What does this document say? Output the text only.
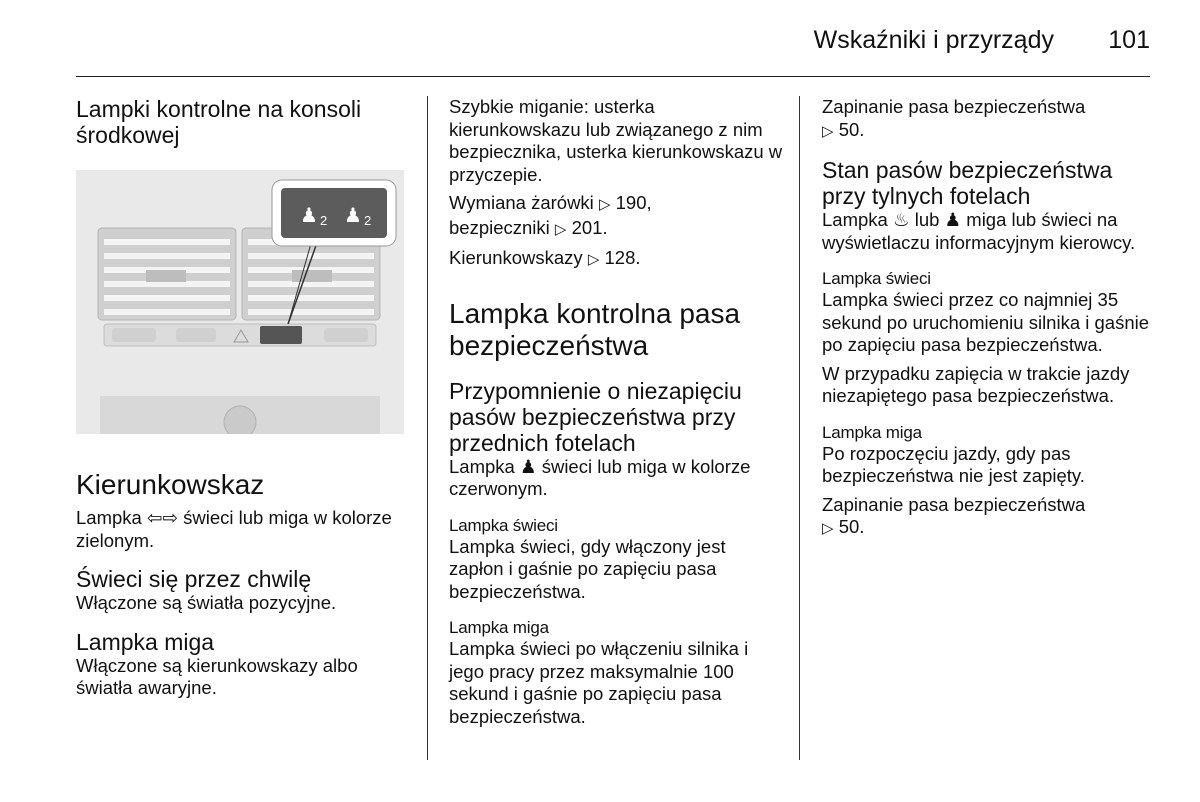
Wskaźniki i przyrządy 101
Lampki kontrolne na konsoli środkowej
♟ 2 ♟ 2
Kierunkowskaz

Lampka ⇦⇨ świeci lub miga w kolorze zielonym.

Świeci się przez chwilę

Włączone są światła pozycyjne.

Lampka miga

Włączone są kierunkowskazy albo światła awaryjne.

Szybkie miganie: usterka kierunkowskazu lub związanego z nim bezpiecznika, usterka kierunkowskazu w przyczepie.

Wymiana żarówki ▷ 190,
bezpieczniki ▷ 201.

Kierunkowskazy ▷ 128.

Lampka kontrolna pasa bezpieczeństwa
Przypomnienie o niezapięciu pasów bezpieczeństwa przy przednich fotelach

Lampka ♟ świeci lub miga w kolorze czerwonym.

Lampka świeci

Lampka świeci, gdy włączony jest zapłon i gaśnie po zapięciu pasa bezpieczeństwa.

Lampka miga

Lampka świeci po włączeniu silnika i jego pracy przez maksymalnie 100 sekund i gaśnie po zapięciu pasa bezpieczeństwa.

Zapinanie pasa bezpieczeństwa
▷ 50.

Stan pasów bezpieczeństwa przy tylnych fotelach

Lampka ♨ lub ♟ miga lub świeci na wyświetlaczu informacyjnym kierowcy.

Lampka świeci

Lampka świeci przez co najmniej 35 sekund po uruchomieniu silnika i gaśnie po zapięciu pasa bezpieczeństwa.

W przypadku zapięcia w trakcie jazdy niezapiętego pasa bezpieczeństwa.

Lampka miga

Po rozpoczęciu jazdy, gdy pas bezpieczeństwa nie jest zapięty.

Zapinanie pasa bezpieczeństwa
▷ 50.
